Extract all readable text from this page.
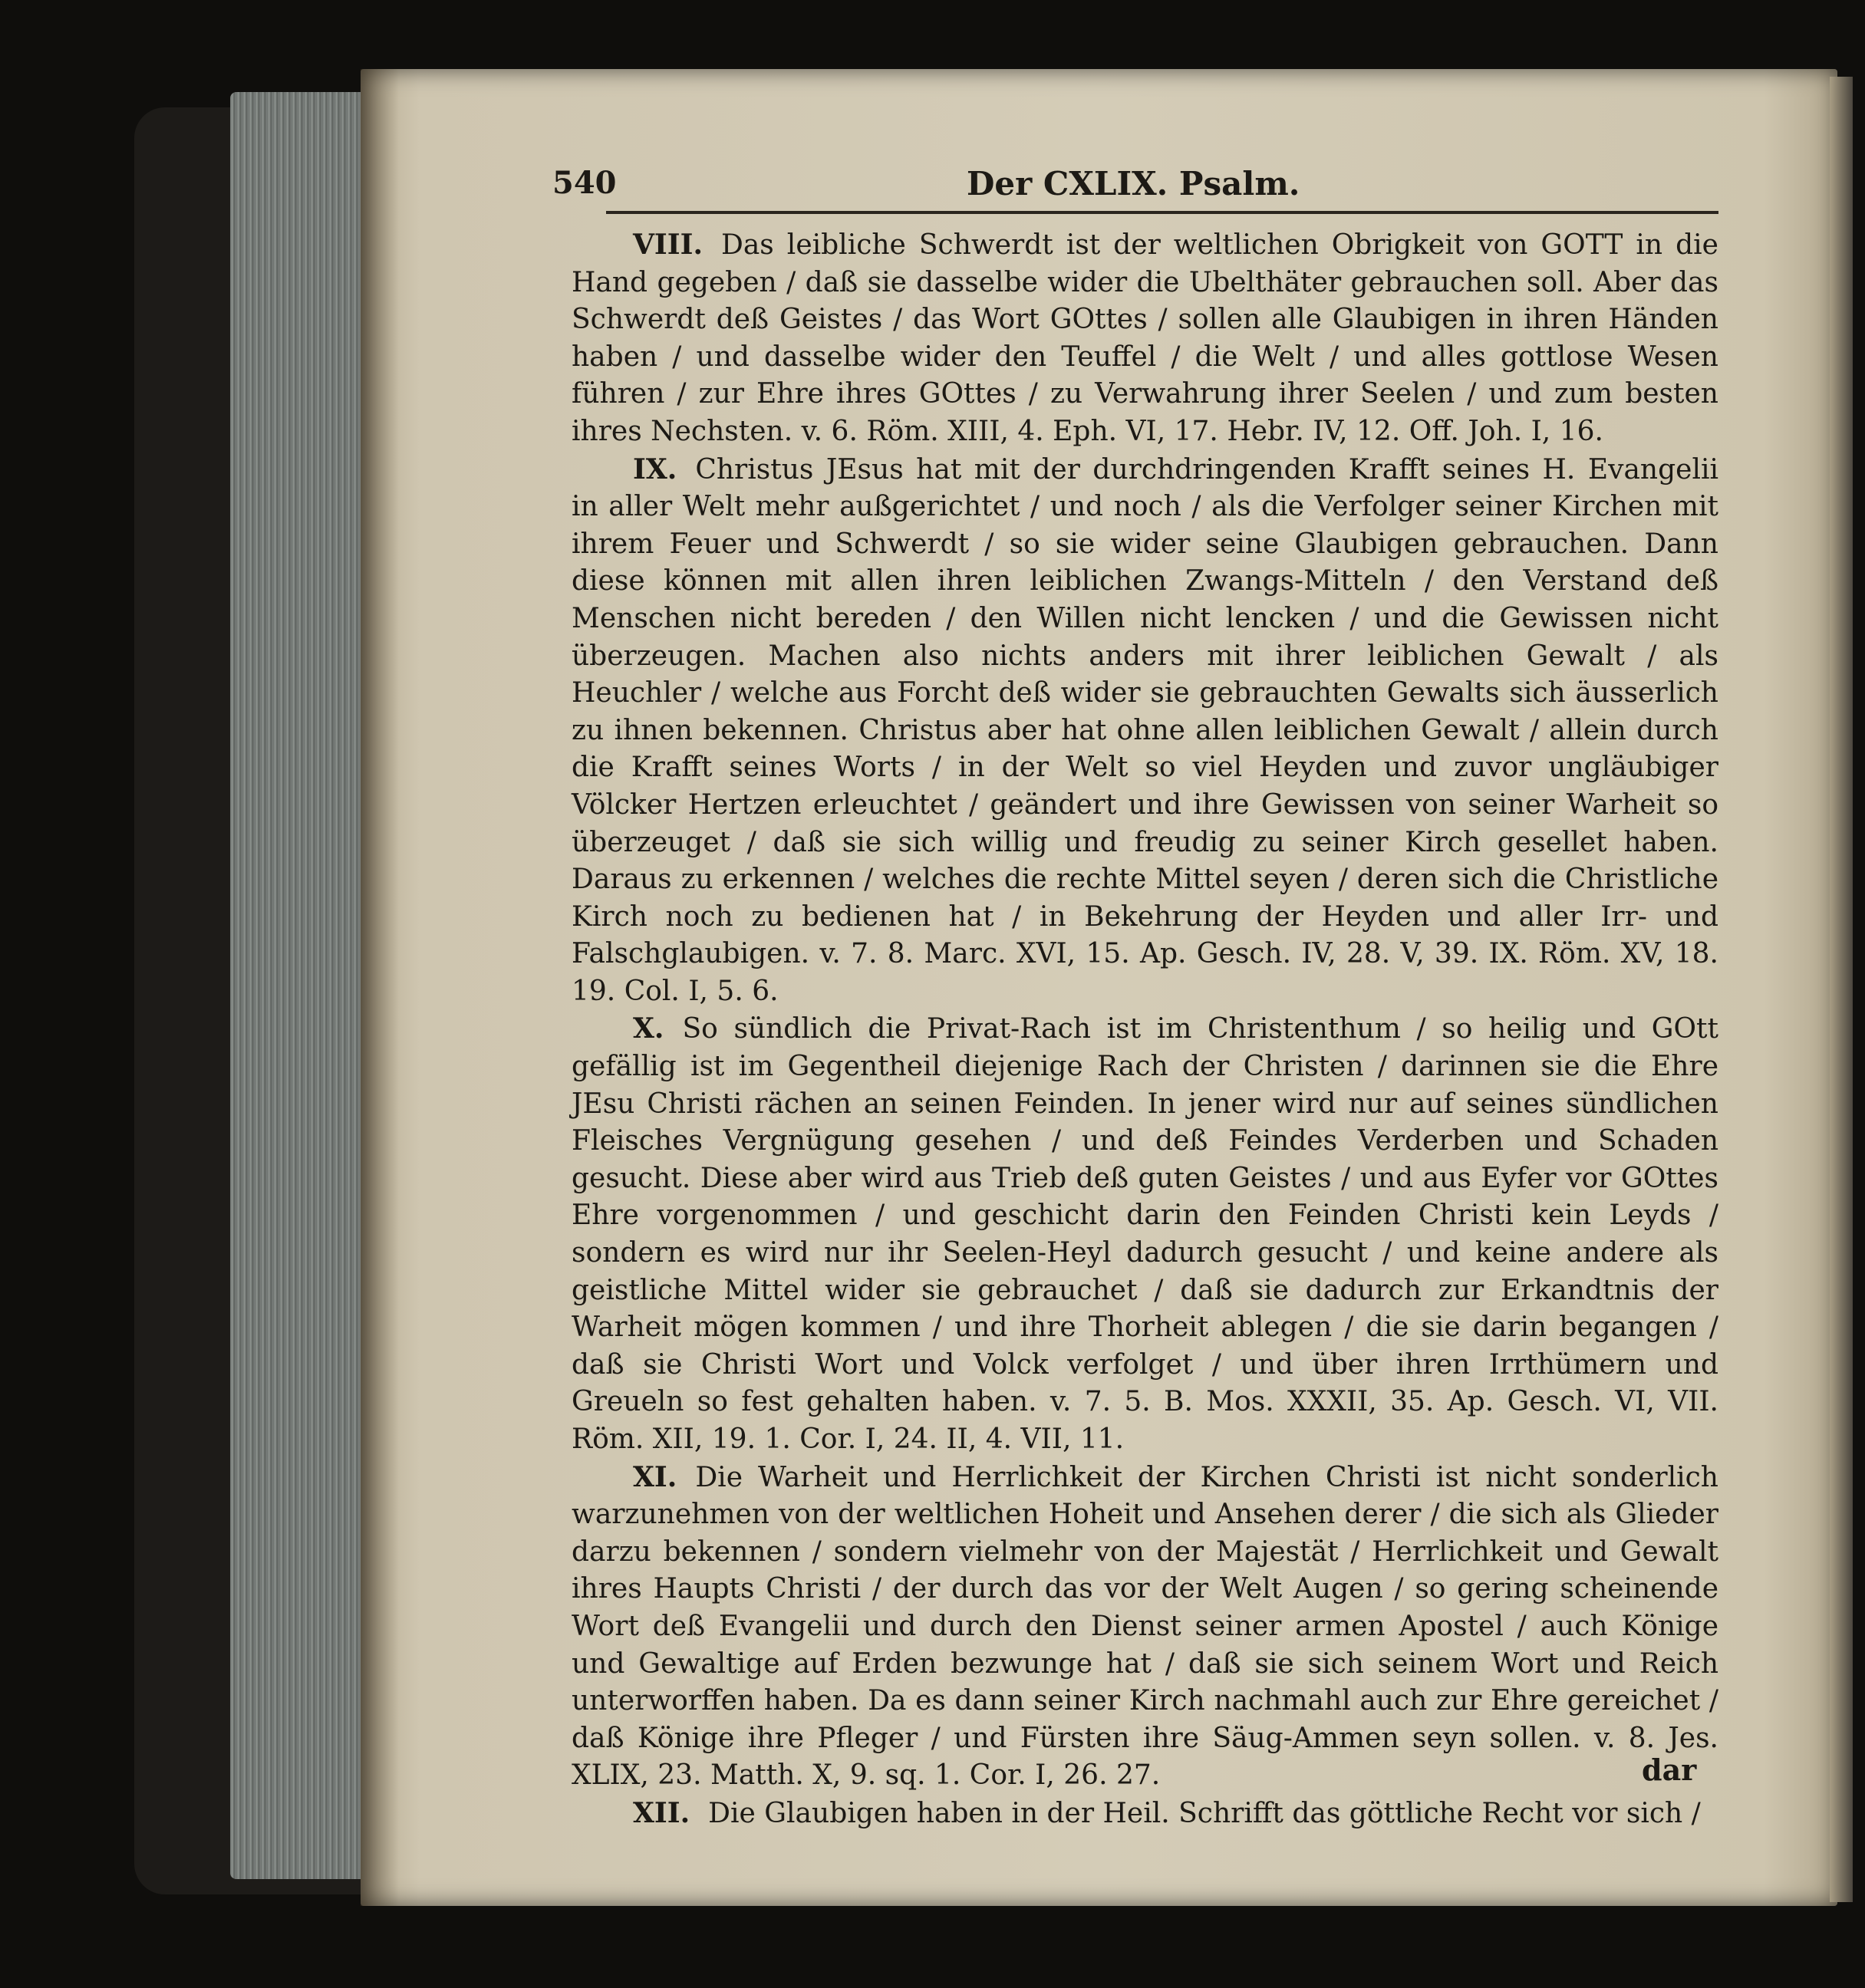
540	Der CXLIX. Psalm.

VIII. Das leibliche Schwerdt ist der weltlichen Obrigkeit von GOTT in die Hand gegeben / daß sie dasselbe wider die Ubelthäter gebrauchen soll. Aber das Schwerdt deß Geistes / das Wort GOttes / sollen alle Glaubigen in ihren Händen haben / und dasselbe wider den Teuffel / die Welt / und alles gottlose Wesen führen / zur Ehre ihres GOttes / zu Verwahrung ihrer Seelen / und zum besten ihres Nechsten. v. 6. Röm. XIII, 4. Eph. VI, 17. Hebr. IV, 12. Off. Joh. I, 16.

IX. Christus JEsus hat mit der durchdringenden Krafft seines H. Evangelii in aller Welt mehr außgerichtet / und noch / als die Verfolger seiner Kirchen mit ihrem Feuer und Schwerdt / so sie wider seine Glaubigen gebrauchen. Dann diese können mit allen ihren leiblichen Zwangs-Mitteln / den Verstand deß Menschen nicht bereden / den Willen nicht lencken / und die Gewissen nicht überzeugen. Machen also nichts anders mit ihrer leiblichen Gewalt / als Heuchler / welche aus Forcht deß wider sie gebrauchten Gewalts sich äusserlich zu ihnen bekennen. Christus aber hat ohne allen leiblichen Gewalt / allein durch die Krafft seines Worts / in der Welt so viel Heyden und zuvor ungläubiger Völcker Hertzen erleuchtet / geändert und ihre Gewissen von seiner Warheit so überzeuget / daß sie sich willig und freudig zu seiner Kirch gesellet haben. Daraus zu erkennen / welches die rechte Mittel seyen / deren sich die Christliche Kirch noch zu bedienen hat / in Bekehrung der Heyden und aller Irr- und Falschglaubigen. v. 7. 8. Marc. XVI, 15. Ap. Gesch. IV, 28. V, 39. IX. Röm. XV, 18. 19. Col. I, 5. 6.

X. So sündlich die Privat-Rach ist im Christenthum / so heilig und GOtt gefällig ist im Gegentheil diejenige Rach der Christen / darinnen sie die Ehre JEsu Christi rächen an seinen Feinden. In jener wird nur auf seines sündlichen Fleisches Vergnügung gesehen / und deß Feindes Verderben und Schaden gesucht. Diese aber wird aus Trieb deß guten Geistes / und aus Eyfer vor GOttes Ehre vorgenommen / und geschicht darin den Feinden Christi kein Leyds / sondern es wird nur ihr Seelen-Heyl dadurch gesucht / und keine andere als geistliche Mittel wider sie gebrauchet / daß sie dadurch zur Erkandtnis der Warheit mögen kommen / und ihre Thorheit ablegen / die sie darin begangen / daß sie Christi Wort und Volck verfolget / und über ihren Irrthümern und Greueln so fest gehalten haben. v. 7. 5. B. Mos. XXXII, 35. Ap. Gesch. VI, VII. Röm. XII, 19. 1. Cor. I, 24. II, 4. VII, 11.

XI. Die Warheit und Herrlichkeit der Kirchen Christi ist nicht sonderlich warzunehmen von der weltlichen Hoheit und Ansehen derer / die sich als Glieder darzu bekennen / sondern vielmehr von der Majestät / Herrlichkeit und Gewalt ihres Haupts Christi / der durch das vor der Welt Augen / so gering scheinende Wort deß Evangelii und durch den Dienst seiner armen Apostel / auch Könige und Gewaltige auf Erden bezwunge hat / daß sie sich seinem Wort und Reich unterworffen haben. Da es dann seiner Kirch nachmahl auch zur Ehre gereichet / daß Könige ihre Pfleger / und Fürsten ihre Säug-Ammen seyn sollen. v. 8. Jes. XLIX, 23. Matth. X, 9. sq. 1. Cor. I, 26. 27.

XII. Die Glaubigen haben in der Heil. Schrifft das göttliche Recht vor sich /

dar
